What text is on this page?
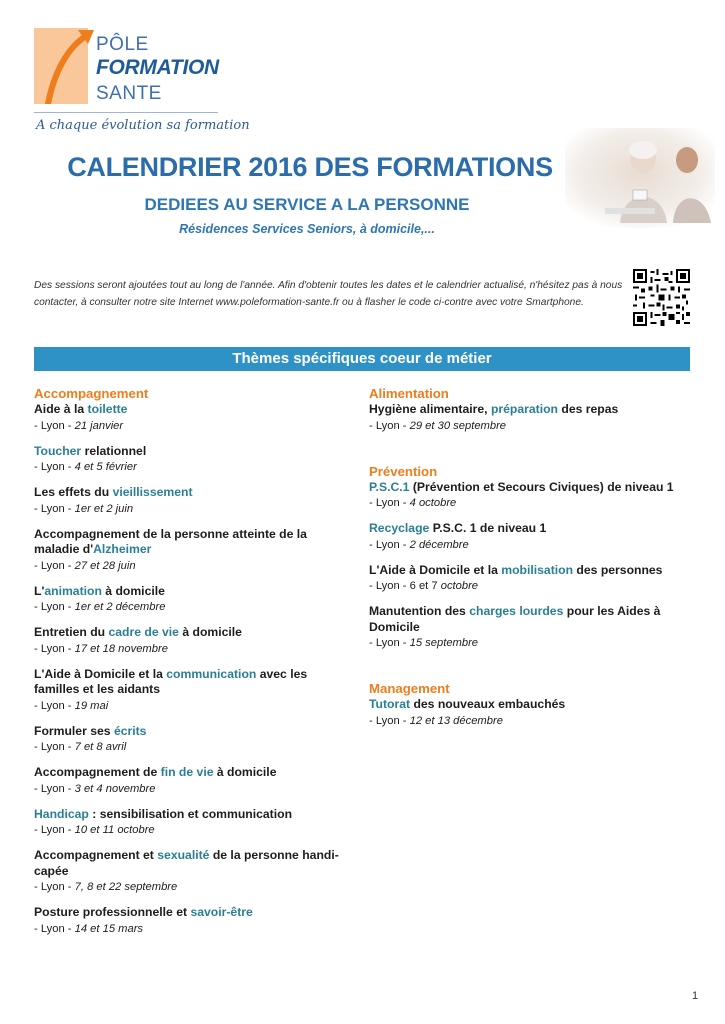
PÔLE
FORMATION
SANTE
A chaque évolution sa formation
CALENDRIER 2016 DES FORMATIONS
DEDIEES AU SERVICE A LA PERSONNE
Résidences Services Seniors, à domicile,...
Des sessions seront ajoutées tout au long de l'année. Afin d'obtenir toutes les dates et le calendrier actualisé, n'hésitez pas à nous contacter, à consulter notre site Internet www.poleformation-sante.fr ou à flasher le code ci-contre avec votre Smartphone.
Thèmes spécifiques coeur de métier
Accompagnement
Aide à la toilette
- Lyon - 21 janvier
Toucher relationnel
- Lyon - 4 et 5 février
Les effets du vieillissement
- Lyon - 1er et 2 juin
Accompagnement de la personne atteinte de la maladie d'Alzheimer
- Lyon - 27 et 28 juin
L'animation à domicile
- Lyon - 1er et 2 décembre
Entretien du cadre de vie à domicile
- Lyon - 17 et 18 novembre
L'Aide à Domicile et la communication avec les familles et les aidants
- Lyon - 19 mai
Formuler ses écrits
- Lyon - 7 et 8 avril
Accompagnement de fin de vie à domicile
- Lyon - 3 et 4 novembre
Handicap : sensibilisation et communication
- Lyon - 10 et 11 octobre
Accompagnement et sexualité de la personne handi-capée
- Lyon - 7, 8 et 22 septembre
Posture professionnelle et savoir-être
- Lyon - 14 et 15 mars
Alimentation
Hygiène alimentaire, préparation des repas
- Lyon - 29 et 30 septembre
Prévention
P.S.C.1 (Prévention et Secours Civiques) de niveau 1
- Lyon - 4 octobre
Recyclage P.S.C. 1 de niveau 1
- Lyon - 2 décembre
L'Aide à Domicile et la mobilisation des personnes
- Lyon - 6 et 7 octobre
Manutention des charges lourdes pour les Aides à Domicile
- Lyon - 15 septembre
Management
Tutorat des nouveaux embauchés
- Lyon - 12 et 13 décembre
1
